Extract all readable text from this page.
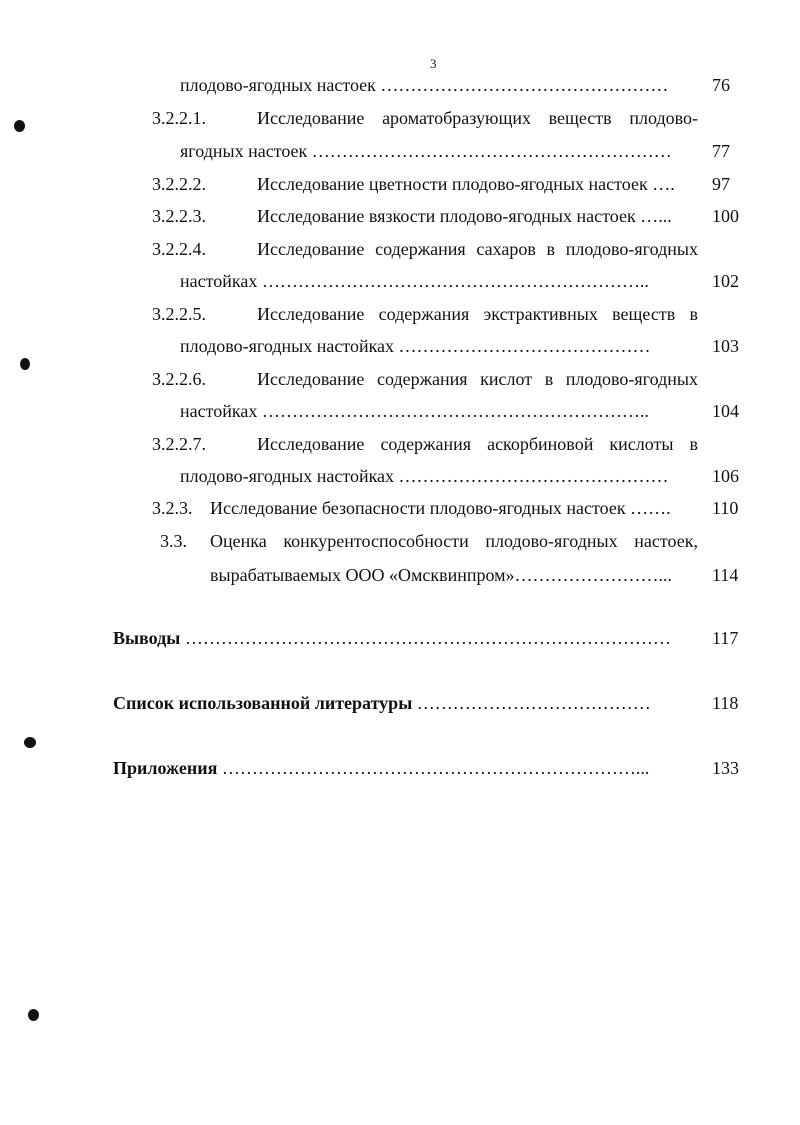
3
плодово-ягодных настоек ………………………………………… 76
3.2.2.1.	Исследование ароматобразующих веществ плодово-
ягодных настоек …………………………………………………… 77
3.2.2.2.	Исследование цветности плодово-ягодных настоек …. 97
3.2.2.3.	Исследование вязкости плодово-ягодных настоек …... 100
3.2.2.4.	Исследование содержания сахаров в плодово-ягодных
настойках ………………………………………………………..	102
3.2.2.5.	Исследование содержания экстрактивных веществ в
плодово-ягодных настойках ……………………………………	103
3.2.2.6.	Исследование содержания кислот в плодово-ягодных
настойках ………………………………………………………..	104
3.2.2.7.	Исследование содержания аскорбиновой кислоты в
плодово-ягодных настойках ……………………………………… 106
3.2.3. Исследование безопасности плодово-ягодных настоек ……. 110
3.3. Оценка конкурентоспособности плодово-ягодных настоек,
вырабатываемых ООО «Омсквинпром»……………………... 114
Выводы ……………………………………………………………………… 117
Список использованной литературы …………………………………	118
Приложения ……………………………………………………………...	133
